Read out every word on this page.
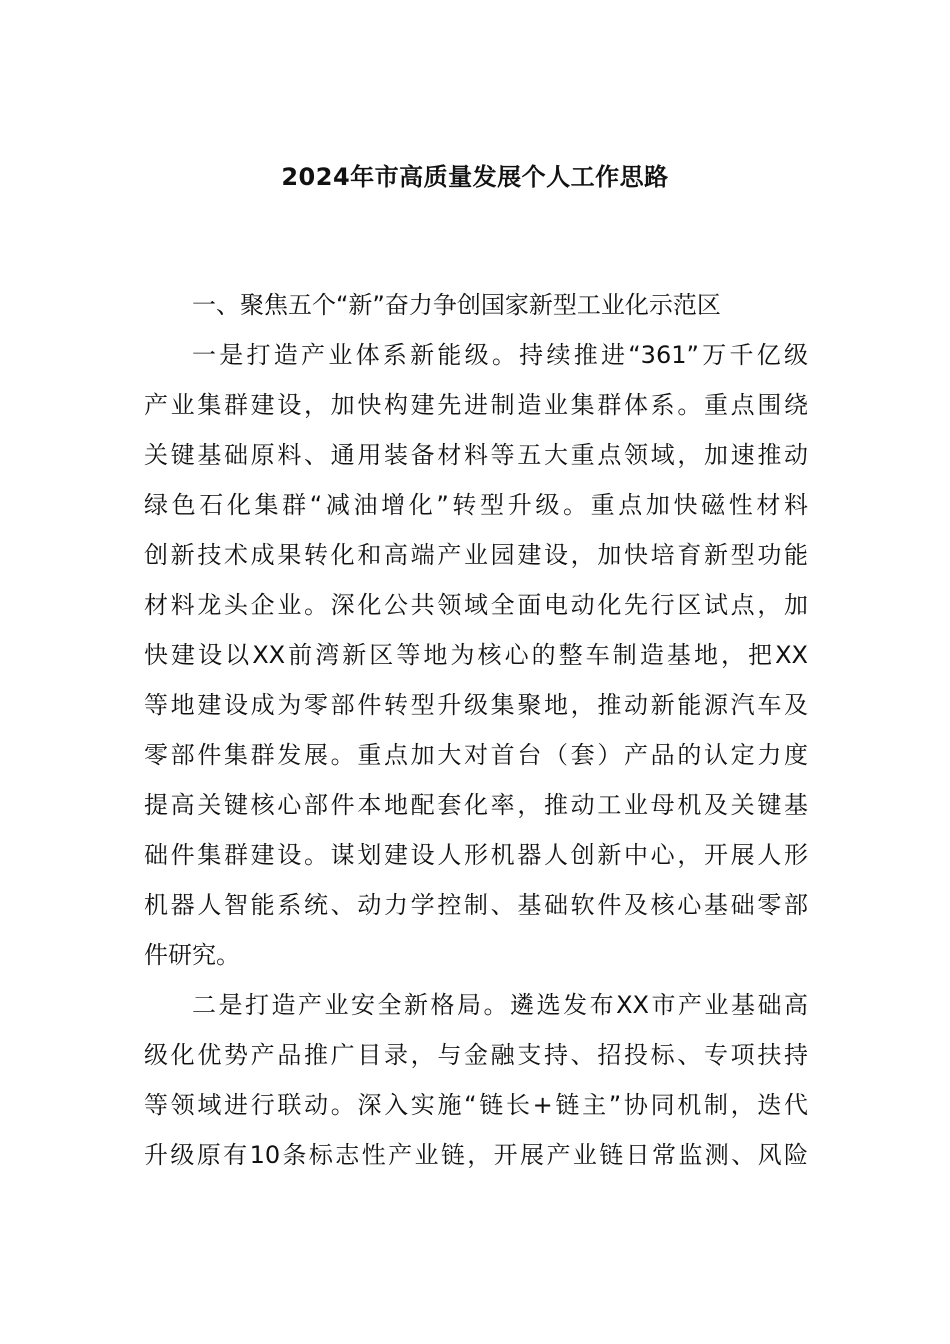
2024年市高质量发展个人工作思路
一、聚焦五个“新”奋力争创国家新型工业化示范区
一是打造产业体系新能级。持续推进“361”万千亿级
产业集群建设，加快构建先进制造业集群体系。重点围绕
关键基础原料、通用装备材料等五大重点领域，加速推动
绿色石化集群“减油增化”转型升级。重点加快磁性材料
创新技术成果转化和高端产业园建设，加快培育新型功能
材料龙头企业。深化公共领域全面电动化先行区试点，加
快建设以XX前湾新区等地为核心的整车制造基地，把XX
等地建设成为零部件转型升级集聚地，推动新能源汽车及
零部件集群发展。重点加大对首台（套）产品的认定力度
提高关键核心部件本地配套化率，推动工业母机及关键基
础件集群建设。谋划建设人形机器人创新中心，开展人形
机器人智能系统、动力学控制、基础软件及核心基础零部
件研究。
二是打造产业安全新格局。遴选发布XX市产业基础高
级化优势产品推广目录，与金融支持、招投标、专项扶持
等领域进行联动。深入实施“链长+链主”协同机制，迭代
升级原有10条标志性产业链，开展产业链日常监测、风险
